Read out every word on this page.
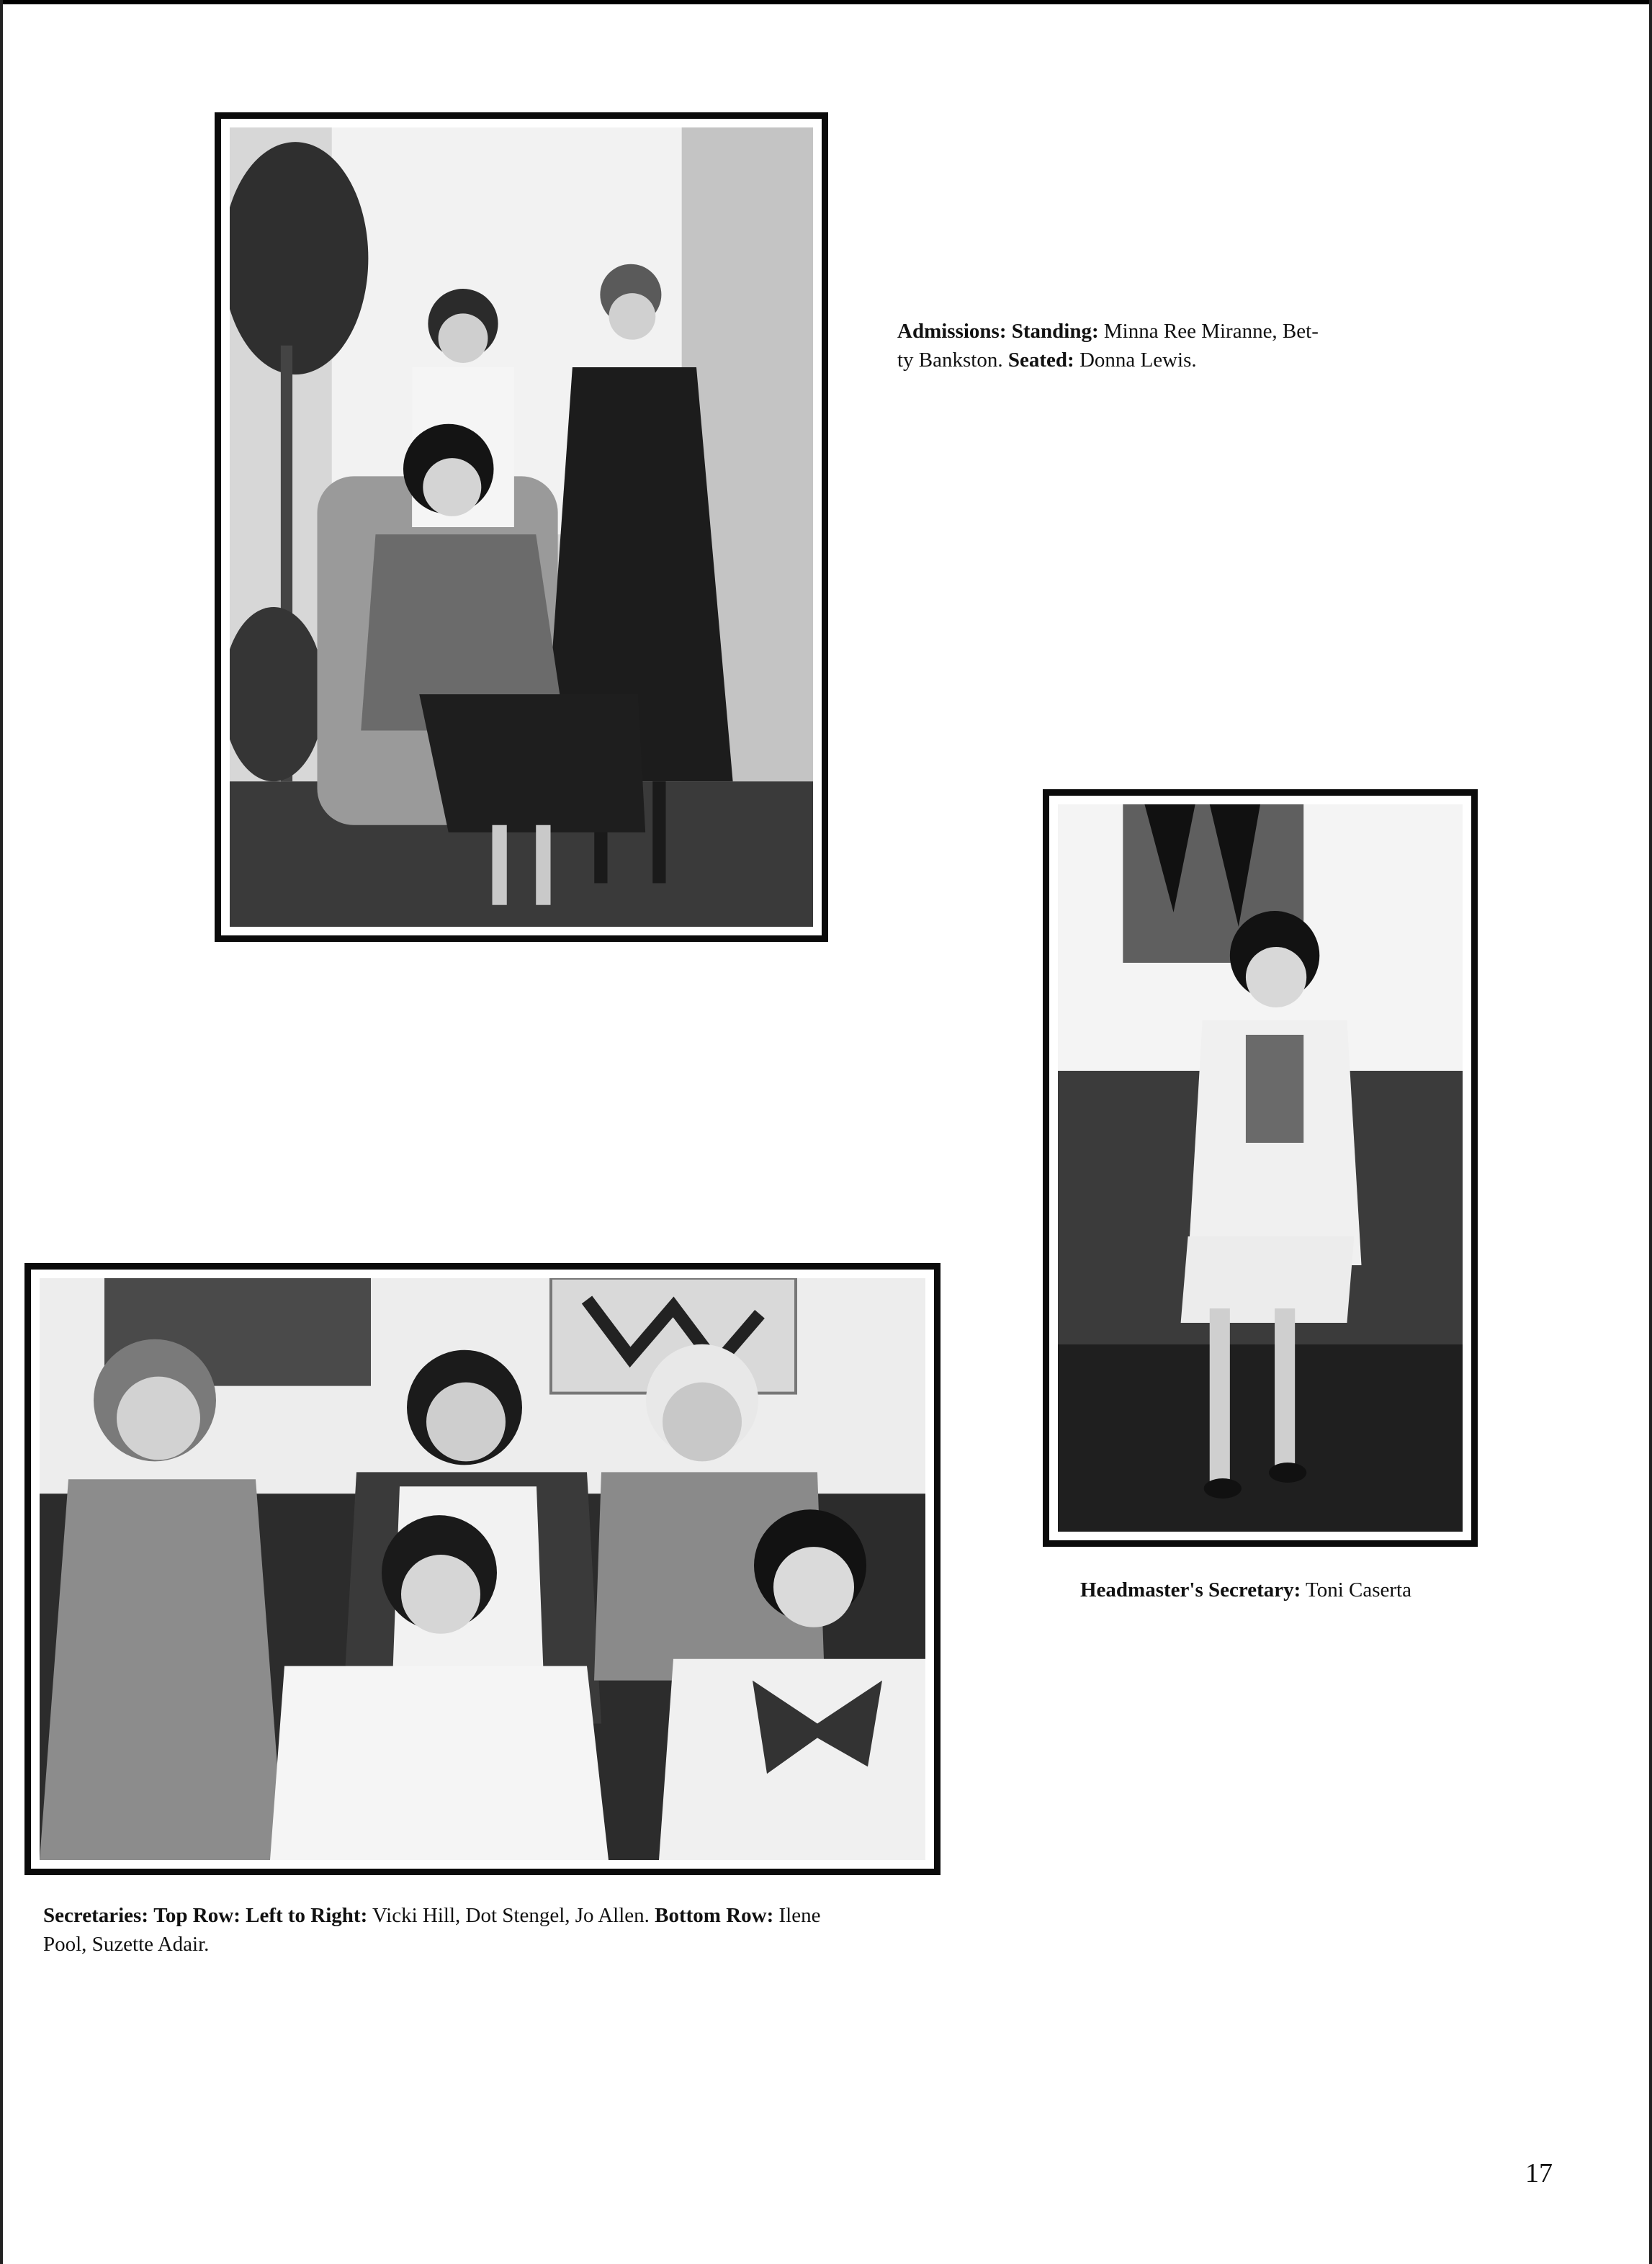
Admissions: Standing: Minna Ree Miranne, Bet-
ty Bankston. Seated: Donna Lewis.
Headmaster's Secretary: Toni Caserta
Secretaries: Top Row: Left to Right: Vicki Hill, Dot Stengel, Jo Allen. Bottom Row: Ilene
Pool, Suzette Adair.
17
